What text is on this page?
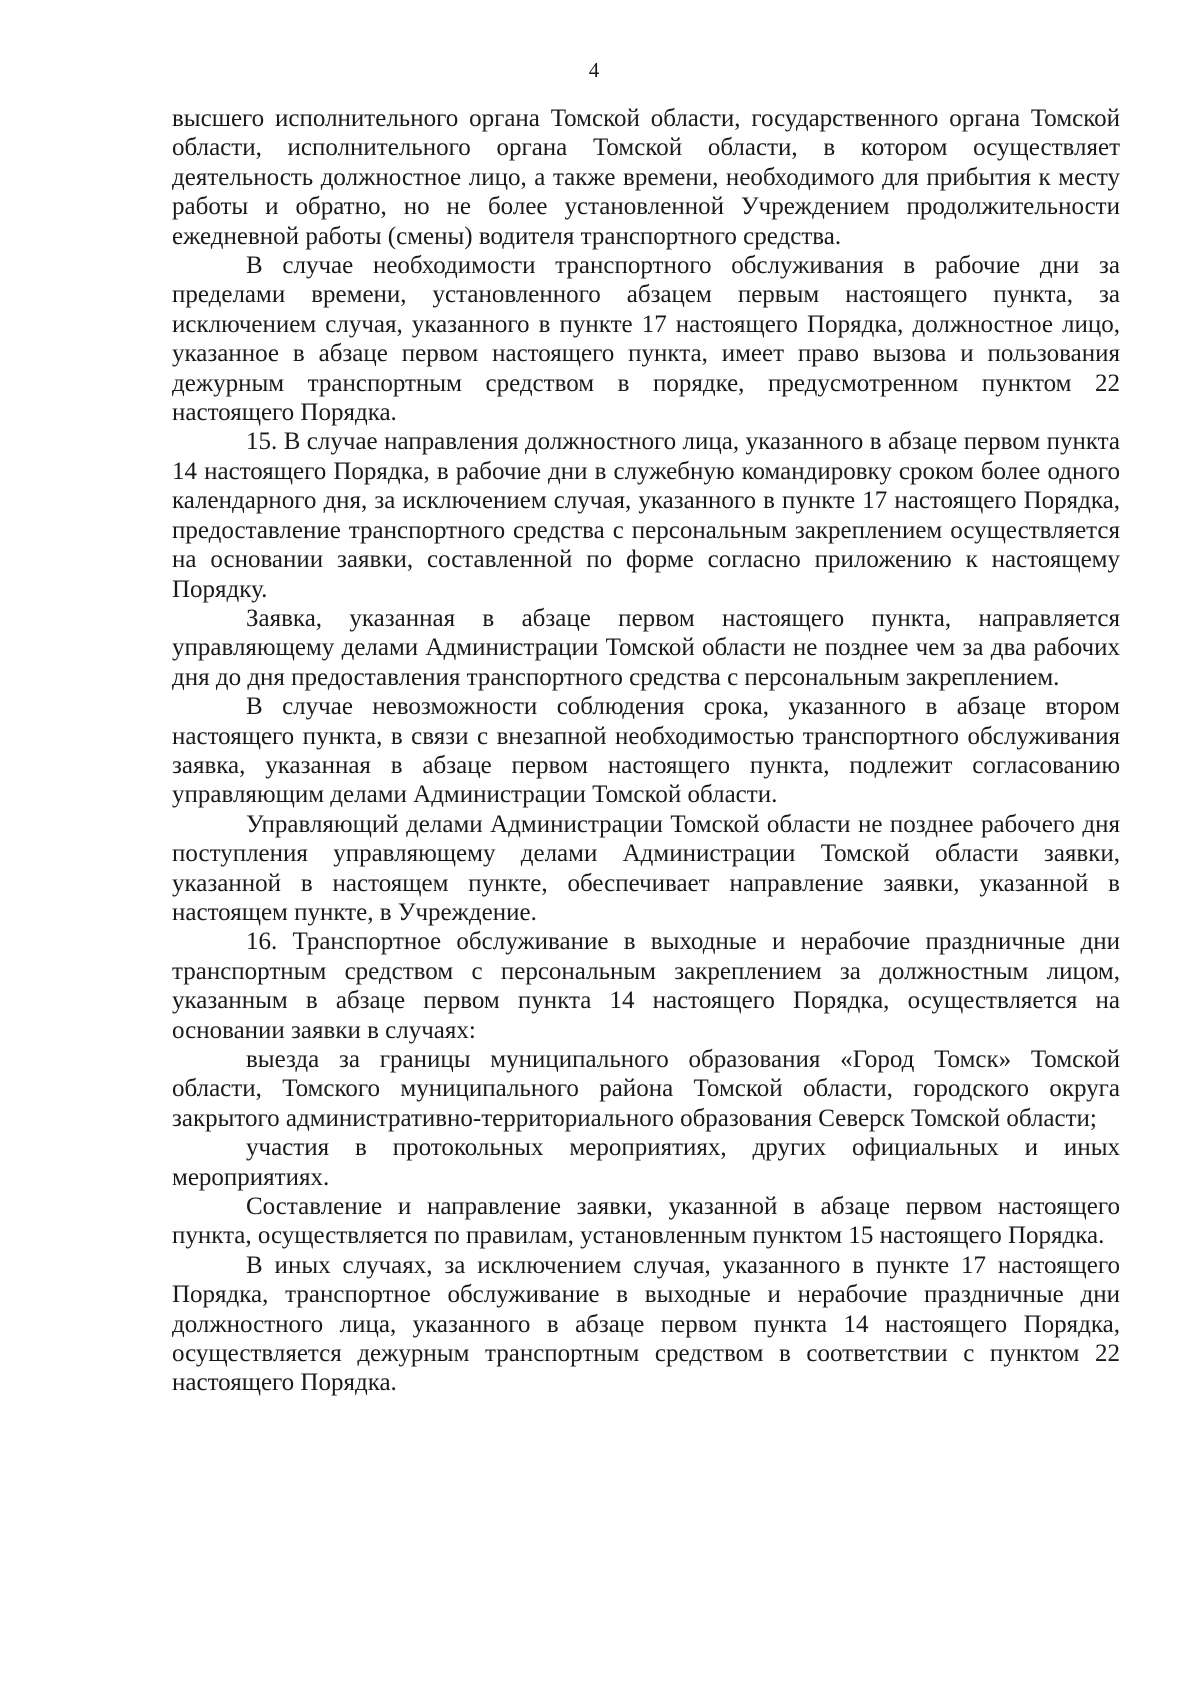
4

высшего исполнительного органа Томской области, государственного органа Томской области, исполнительного органа Томской области, в котором осуществляет деятельность должностное лицо, а также времени, необходимого для прибытия к месту работы и обратно, но не более установленной Учреждением продолжительности ежедневной работы (смены) водителя транспортного средства.

В случае необходимости транспортного обслуживания в рабочие дни за пределами времени, установленного абзацем первым настоящего пункта, за исключением случая, указанного в пункте 17 настоящего Порядка, должностное лицо, указанное в абзаце первом настоящего пункта, имеет право вызова и пользования дежурным транспортным средством в порядке, предусмотренном пунктом 22 настоящего Порядка.

15. В случае направления должностного лица, указанного в абзаце первом пункта 14 настоящего Порядка, в рабочие дни в служебную командировку сроком более одного календарного дня, за исключением случая, указанного в пункте 17 настоящего Порядка, предоставление транспортного средства с персональным закреплением осуществляется на основании заявки, составленной по форме согласно приложению к настоящему Порядку.

Заявка, указанная в абзаце первом настоящего пункта, направляется управляющему делами Администрации Томской области не позднее чем за два рабочих дня до дня предоставления транспортного средства с персональным закреплением.

В случае невозможности соблюдения срока, указанного в абзаце втором настоящего пункта, в связи с внезапной необходимостью транспортного обслуживания заявка, указанная в абзаце первом настоящего пункта, подлежит согласованию управляющим делами Администрации Томской области.

Управляющий делами Администрации Томской области не позднее рабочего дня поступления управляющему делами Администрации Томской области заявки, указанной в настоящем пункте, обеспечивает направление заявки, указанной в настоящем пункте, в Учреждение.

16. Транспортное обслуживание в выходные и нерабочие праздничные дни транспортным средством с персональным закреплением за должностным лицом, указанным в абзаце первом пункта 14 настоящего Порядка, осуществляется на основании заявки в случаях:

выезда за границы муниципального образования «Город Томск» Томской области, Томского муниципального района Томской области, городского округа закрытого административно-территориального образования Северск Томской области;

участия в протокольных мероприятиях, других официальных и иных мероприятиях.

Составление и направление заявки, указанной в абзаце первом настоящего пункта, осуществляется по правилам, установленным пунктом 15 настоящего Порядка.

В иных случаях, за исключением случая, указанного в пункте 17 настоящего Порядка, транспортное обслуживание в выходные и нерабочие праздничные дни должностного лица, указанного в абзаце первом пункта 14 настоящего Порядка, осуществляется дежурным транспортным средством в соответствии с пунктом 22 настоящего Порядка.
